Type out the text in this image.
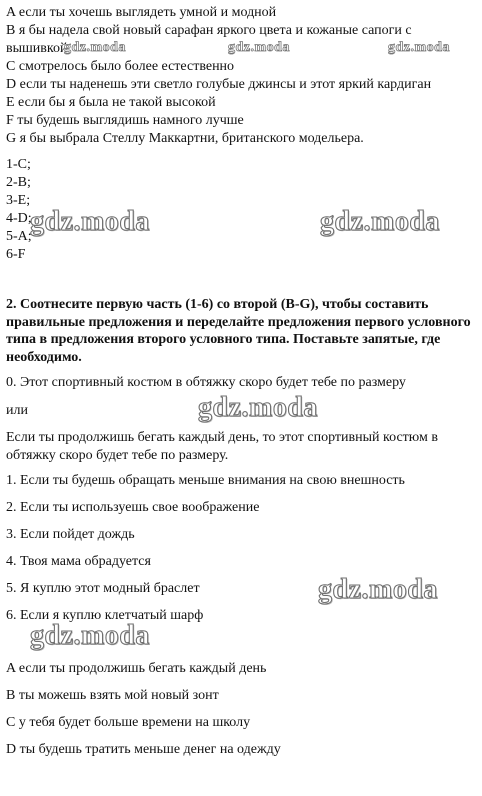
A если ты хочешь выглядеть умной и модной
B я бы надела свой новый сарафан яркого цвета и кожаные сапоги с вышивкой
C смотрелось было более естественно
D если ты наденешь эти светло голубые джинсы и этот яркий кардиган
E если бы я была не такой высокой
F ты будешь выглядишь намного лучше
G я бы выбрала Стеллу Маккартни, британского модельера.
1-C;
2-B;
3-E;
4-D;
5-A;
6-F
2. Соотнесите первую часть (1-6) со второй (B-G), чтобы составить правильные предложения и переделайте предложения первого условного типа в предложения второго условного типа. Поставьте запятые, где необходимо.
0. Этот спортивный костюм в обтяжку скоро будет тебе по размеру
или
Если ты продолжишь бегать каждый день, то этот спортивный костюм в обтяжку скоро будет тебе по размеру.
1. Если ты будешь обращать меньше внимания на свою внешность
2. Если ты используешь свое воображение
3. Если пойдет дождь
4. Твоя мама обрадуется
5. Я куплю этот модный браслет
6. Если я куплю клетчатый шарф
A если ты продолжишь бегать каждый день
B ты можешь взять мой новый зонт
C у тебя будет больше времени на школу
D ты будешь тратить меньше денег на одежду
gdz.moda	gdz.moda	gdz.moda
gdz.moda	gdz.moda
gdz.moda
gdz.moda
gdz.moda
